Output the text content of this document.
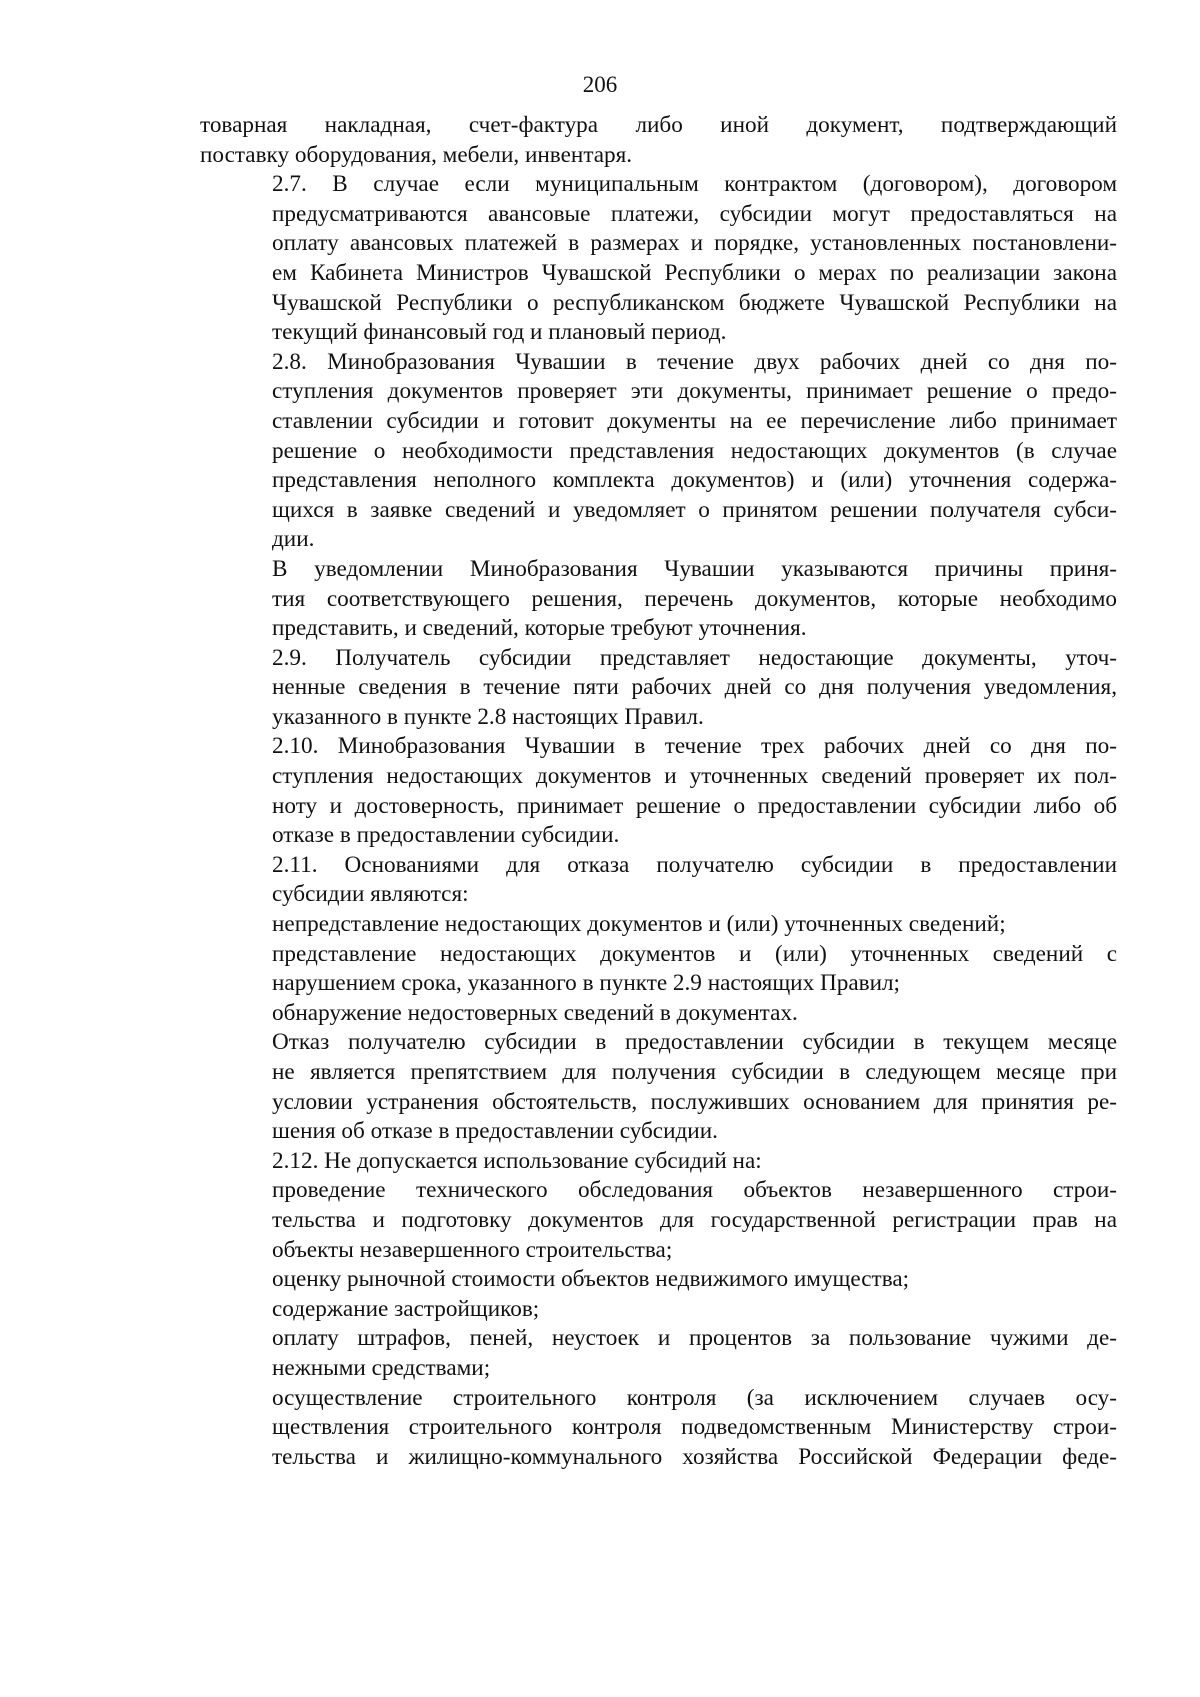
206

товарная накладная, счет-фактура либо иной документ, подтверждающий
поставку оборудования, мебели, инвентаря.

2.7. В случае если муниципальным контрактом (договором), договором
предусматриваются авансовые платежи, субсидии могут предоставляться на
оплату авансовых платежей в размерах и порядке, установленных постановлени-
ем Кабинета Министров Чувашской Республики о мерах по реализации закона
Чувашской Республики о республиканском бюджете Чувашской Республики на
текущий финансовый год и плановый период.

2.8. Минобразования Чувашии в течение двух рабочих дней со дня по-
ступления документов проверяет эти документы, принимает решение о предо-
ставлении субсидии и готовит документы на ее перечисление либо принимает
решение о необходимости представления недостающих документов (в случае
представления неполного комплекта документов) и (или) уточнения содержа-
щихся в заявке сведений и уведомляет о принятом решении получателя субси-
дии.

В уведомлении Минобразования Чувашии указываются причины приня-
тия соответствующего решения, перечень документов, которые необходимо
представить, и сведений, которые требуют уточнения.

2.9. Получатель субсидии представляет недостающие документы, уточ-
ненные сведения в течение пяти рабочих дней со дня получения уведомления,
указанного в пункте 2.8 настоящих Правил.

2.10. Минобразования Чувашии в течение трех рабочих дней со дня по-
ступления недостающих документов и уточненных сведений проверяет их пол-
ноту и достоверность, принимает решение о предоставлении субсидии либо об
отказе в предоставлении субсидии.

2.11. Основаниями для отказа получателю субсидии в предоставлении
субсидии являются:

непредставление недостающих документов и (или) уточненных сведений;

представление недостающих документов и (или) уточненных сведений с
нарушением срока, указанного в пункте 2.9 настоящих Правил;

обнаружение недостоверных сведений в документах.

Отказ получателю субсидии в предоставлении субсидии в текущем месяце
не является препятствием для получения субсидии в следующем месяце при
условии устранения обстоятельств, послуживших основанием для принятия ре-
шения об отказе в предоставлении субсидии.

2.12. Не допускается использование субсидий на:

проведение технического обследования объектов незавершенного строи-
тельства и подготовку документов для государственной регистрации прав на
объекты незавершенного строительства;

оценку рыночной стоимости объектов недвижимого имущества;

содержание застройщиков;

оплату штрафов, пеней, неустоек и процентов за пользование чужими де-
нежными средствами;

осуществление строительного контроля (за исключением случаев осу-
ществления строительного контроля подведомственным Министерству строи-
тельства и жилищно-коммунального хозяйства Российской Федерации феде-
